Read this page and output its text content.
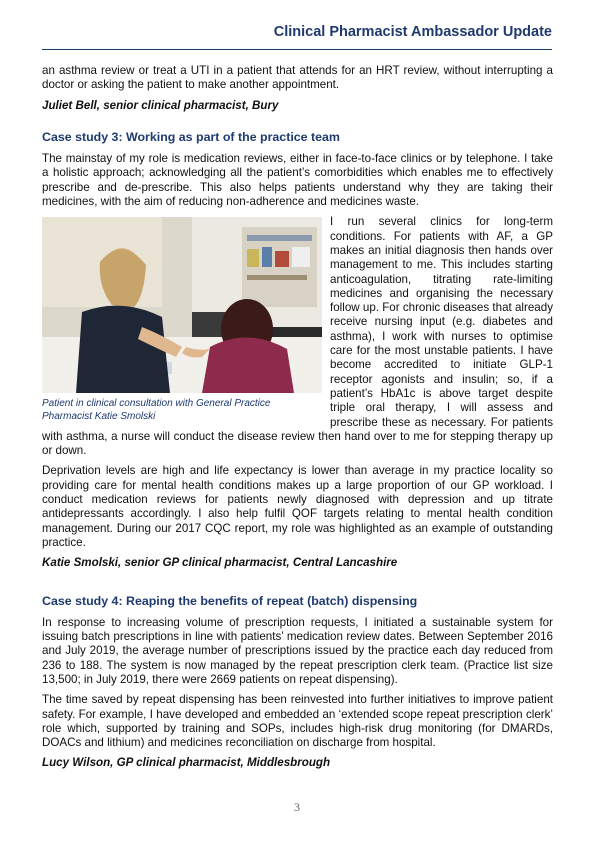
Clinical Pharmacist Ambassador Update

an asthma review or treat a UTI in a patient that attends for an HRT review, without interrupting a doctor or asking the patient to make another appointment.

Juliet Bell, senior clinical pharmacist, Bury

Case study 3: Working as part of the practice team

The mainstay of my role is medication reviews, either in face-to-face clinics or by telephone. I take a holistic approach; acknowledging all the patient’s comorbidities which enables me to effectively prescribe and de-prescribe. This also helps patients understand why they are taking their medicines, with the aim of reducing non-adherence and medicines waste.

Patient in clinical consultation with General Practice Pharmacist Katie Smolski

I run several clinics for long-term conditions. For patients with AF, a GP makes an initial diagnosis then hands over management to me. This includes starting anticoagulation, titrating rate-limiting medicines and organising the necessary follow up. For chronic diseases that already receive nursing input (e.g. diabetes and asthma), I work with nurses to optimise care for the most unstable patients. I have become accredited to initiate GLP-1 receptor agonists and insulin; so, if a patient’s HbA1c is above target despite triple oral therapy, I will assess and prescribe these as necessary. For patients with asthma, a nurse will conduct the disease review then hand over to me for stepping therapy up or down.

Deprivation levels are high and life expectancy is lower than average in my practice locality so providing care for mental health conditions makes up a large proportion of our GP workload. I conduct medication reviews for patients newly diagnosed with depression and up titrate antidepressants accordingly. I also help fulfil QOF targets relating to mental health condition management. During our 2017 CQC report, my role was highlighted as an example of outstanding practice.

Katie Smolski, senior GP clinical pharmacist, Central Lancashire

Case study 4: Reaping the benefits of repeat (batch) dispensing

In response to increasing volume of prescription requests, I initiated a sustainable system for issuing batch prescriptions in line with patients’ medication review dates. Between September 2016 and July 2019, the average number of prescriptions issued by the practice each day reduced from 236 to 188. The system is now managed by the repeat prescription clerk team. (Practice list size 13,500; in July 2019, there were 2669 patients on repeat dispensing).

The time saved by repeat dispensing has been reinvested into further initiatives to improve patient safety. For example, I have developed and embedded an ‘extended scope repeat prescription clerk’ role which, supported by training and SOPs, includes high-risk drug monitoring (for DMARDs, DOACs and lithium) and medicines reconciliation on discharge from hospital.

Lucy Wilson, GP clinical pharmacist, Middlesbrough

3
